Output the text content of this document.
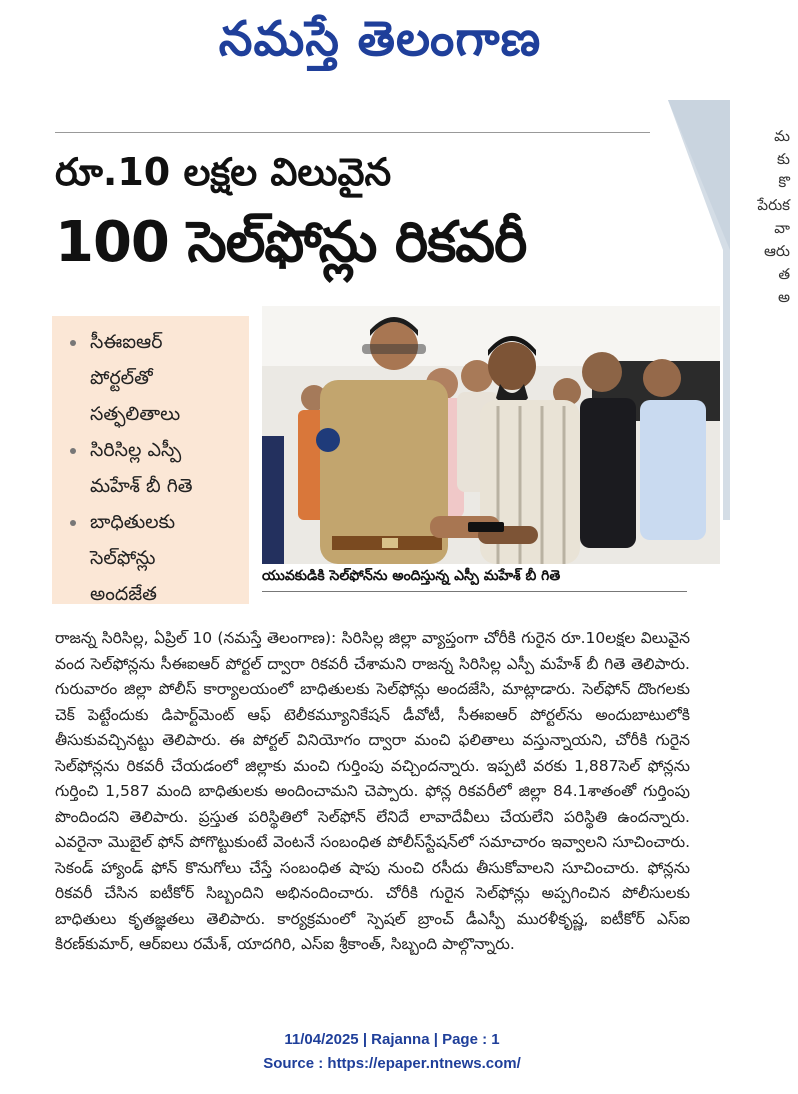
నమస్తే తెలంగాణ
మ
కు
కొ
పేరుక
వా
ఆరు
త
అ
రూ.10 లక్షల విలువైన
100 సెల్‌ఫోన్లు రికవరీ
సీఈఐఆర్
పోర్టల్‌తో
సత్ఫలితాలు
సిరిసిల్ల ఎస్పీ
మహేశ్ బీ గితె
బాధితులకు
సెల్‌ఫోన్లు
అందజేత
యువకుడికి సెల్‌ఫోన్‌ను అందిస్తున్న ఎస్పీ మహేశ్ బీ గితె
రాజన్న సిరిసిల్ల, ఏప్రిల్ 10 (నమస్తే తెలంగాణ): సిరిసిల్ల జిల్లా వ్యాప్తంగా చోరీకి గురైన రూ.10లక్షల విలువైన వంద సెల్‌ఫోన్లను సీఈఐఆర్ పోర్టల్ ద్వారా రికవరీ చేశామని రాజన్న సిరిసిల్ల ఎస్పీ మహేశ్ బీ గితె తెలిపారు. గురువారం జిల్లా పోలీస్ కార్యాలయంలో బాధితులకు సెల్‌ఫోన్లు అందజేసి, మాట్లాడారు. సెల్‌ఫోన్ దొంగలకు చెక్ పెట్టేందుకు డిపార్ట్‌మెంట్ ఆఫ్ టెలీకమ్యూనికేషన్ డీవోటీ, సీఈఐఆర్ పోర్టల్‌ను అందుబాటులోకి తీసుకువచ్చినట్టు తెలిపారు. ఈ పోర్టల్ వినియోగం ద్వారా మంచి ఫలితాలు వస్తున్నాయని, చోరీకి గురైన సెల్‌ఫోన్లను రికవరీ చేయడంలో జిల్లాకు మంచి గుర్తింపు వచ్చిందన్నారు. ఇప్పటి వరకు 1,887సెల్ ఫోన్లను గుర్తించి 1,587 మంది బాధితులకు అందించామని చెప్పారు. ఫోన్ల రికవరీలో జిల్లా 84.1శాతంతో గుర్తింపు పొందిందని తెలిపారు. ప్రస్తుత పరిస్థితిలో సెల్‌ఫోన్ లేనిదే లావాదేవీలు చేయలేని పరిస్థితి ఉందన్నారు. ఎవరైనా మొబైల్ ఫోన్ పోగొట్టుకుంటే వెంటనే సంబంధిత పోలీస్‌స్టేషన్‌లో సమాచారం ఇవ్వాలని సూచించారు. సెకండ్ హ్యాండ్ ఫోన్ కొనుగోలు చేస్తే సంబంధిత షాపు నుంచి రసీదు తీసుకోవాలని సూచించారు. ఫోన్లను రికవరీ చేసిన ఐటీకోర్ సిబ్బందిని అభినందించారు. చోరీకి గురైన సెల్‌ఫోన్లు అప్పగించిన పోలీసులకు బాధితులు కృతజ్ఞతలు తెలిపారు. కార్యక్రమంలో స్పెషల్ బ్రాంచ్ డీఎస్పీ మురళీకృష్ణ, ఐటీకోర్ ఎస్ఐ కిరణ్‌కుమార్, ఆర్ఐలు రమేశ్, యాదగిరి, ఎస్ఐ శ్రీకాంత్, సిబ్బంది పాల్గొన్నారు.
11/04/2025 | Rajanna | Page : 1
Source : https://epaper.ntnews.com/
